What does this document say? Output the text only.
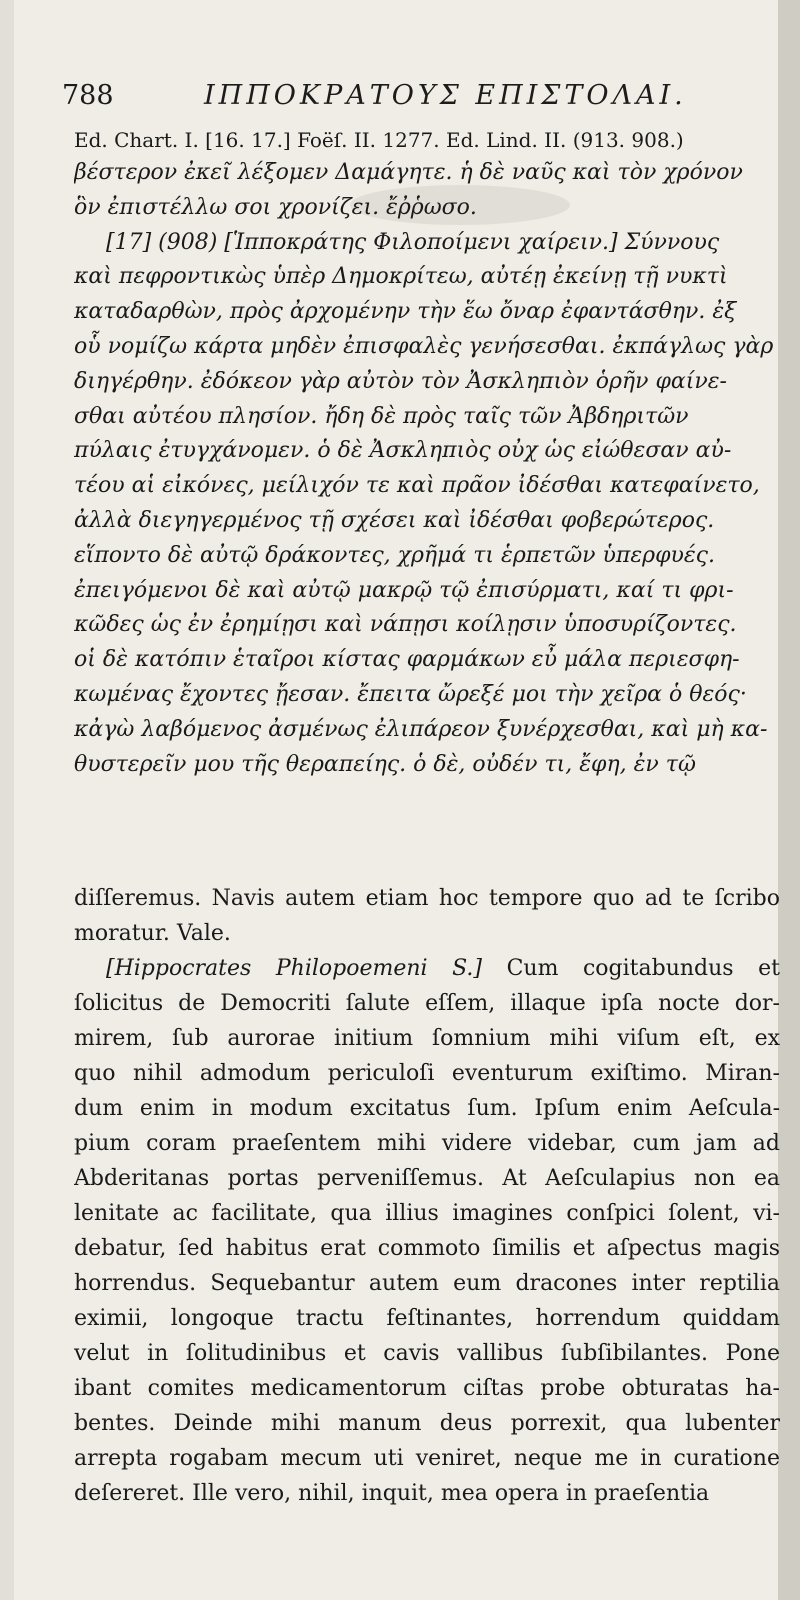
788	ΙΠΠΟΚΡΑΤΟΥΣ ΕΠΙΣΤΟΛΑΙ.
Ed. Chart. I. [16. 17.] Foëſ. II. 1277. Ed. Lind. II. (913. 908.)
βέστερον ἐκεῖ λέξομεν Δαμάγητε. ἡ δὲ ναῦς καὶ τὸν χρόνον
ὃν ἐπιστέλλω σοι χρονίζει. ἔῤῥωσο.
[17] (908) [Ἱπποκράτης Φιλοποίμενι χαίρειν.] Σύννους
καὶ πεφροντικὼς ὑπὲρ Δημοκρίτεω, αὐτέῃ ἐκείνῃ τῇ νυκτὶ
καταδαρθὼν, πρὸς ἀρχομένην τὴν ἕω ὄναρ ἐφαντάσθην. ἐξ
οὗ νομίζω κάρτα μηδὲν ἐπισφαλὲς γενήσεσθαι. ἐκπάγλως γὰρ
διηγέρθην. ἐδόκεον γὰρ αὐτὸν τὸν Ἀσκληπιὸν ὁρῆν φαίνε-
σθαι αὐτέου πλησίον. ἤδη δὲ πρὸς ταῖς τῶν Ἀβδηριτῶν
πύλαις ἐτυγχάνομεν. ὁ δὲ Ἀσκληπιὸς οὐχ ὡς εἰώθεσαν αὐ-
τέου αἱ εἰκόνες, μείλιχόν τε καὶ πρᾶον ἰδέσθαι κατεφαίνετο,
ἀλλὰ διεγηγερμένος τῇ σχέσει καὶ ἰδέσθαι φοβερώτερος.
εἵποντο δὲ αὐτῷ δράκοντες, χρῆμά τι ἑρπετῶν ὑπερφυές.
ἐπειγόμενοι δὲ καὶ αὐτῷ μακρῷ τῷ ἐπισύρματι, καί τι φρι-
κῶδες ὡς ἐν ἐρημίῃσι καὶ νάπῃσι κοίλῃσιν ὑποσυρίζοντες.
οἱ δὲ κατόπιν ἑταῖροι κίστας φαρμάκων εὖ μάλα περιεσφη-
κωμένας ἔχοντες ᾔεσαν. ἔπειτα ὤρεξέ μοι τὴν χεῖρα ὁ θεός·
κἀγὼ λαβόμενος ἀσμένως ἐλιπάρεον ξυνέρχεσθαι, καὶ μὴ κα-
θυστερεῖν μου τῆς θεραπείης. ὁ δὲ, οὐδέν τι, ἔφη, ἐν τῷ
diſſeremus. Navis autem etiam hoc tempore quo ad te ſcribo
moratur. Vale.
[Hippocrates Philopoemeni S.] Cum cogitabundus et
ſolicitus de Democriti ſalute eſſem, illaque ipſa nocte dor-
mirem, ſub aurorae initium ſomnium mihi viſum eſt, ex
quo nihil admodum periculoſi eventurum exiſtimo. Miran-
dum enim in modum excitatus ſum. Ipſum enim Aeſcula-
pium coram praeſentem mihi videre videbar, cum jam ad
Abderitanas portas perveniſſemus. At Aeſculapius non ea
lenitate ac facilitate, qua illius imagines conſpici ſolent, vi-
debatur, ſed habitus erat commoto ſimilis et aſpectus magis
horrendus. Sequebantur autem eum dracones inter reptilia
eximii, longoque tractu feſtinantes, horrendum quiddam
velut in ſolitudinibus et cavis vallibus ſubſibilantes. Pone
ibant comites medicamentorum ciſtas probe obturatas ha-
bentes. Deinde mihi manum deus porrexit, qua lubenter
arrepta rogabam mecum uti veniret, neque me in curatione
deſereret. Ille vero, nihil, inquit, mea opera in praeſentia
